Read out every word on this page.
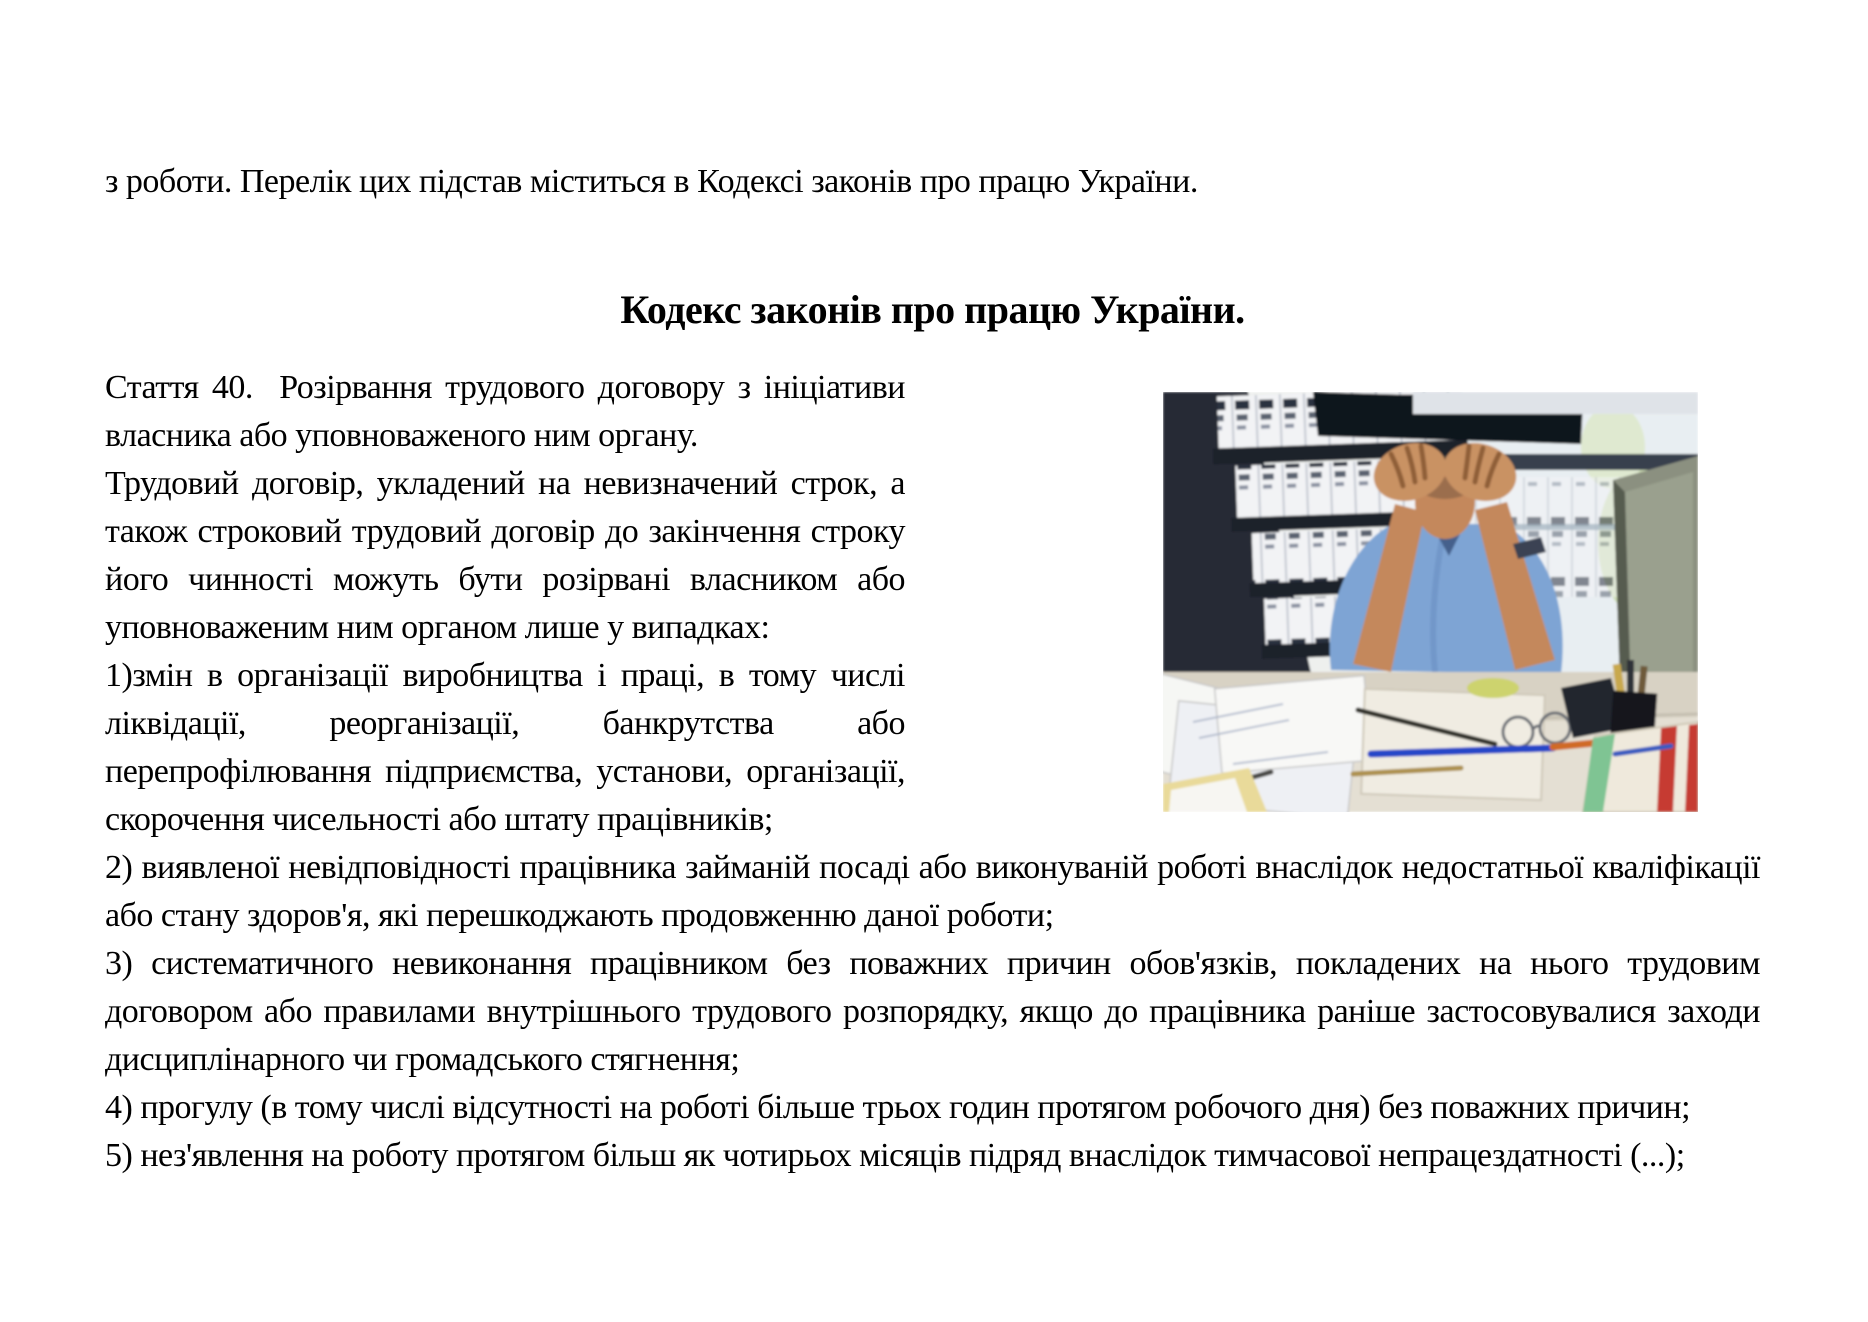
з роботи. Перелік цих підстав міститься в Кодексі законів про працю України.
Кодекс законів про працю України.

Стаття 40.  Розірвання трудового договору з ініціативи власника або уповноваженого ним органу.

Трудовий договір, укладений на невизначений строк, а також строковий трудовий договір до закінчення строку його чинності можуть бути розірвані власником або уповноваженим ним органом лише у випадках:

1)змін в організації виробництва і праці, в тому числі ліквідації, реорганізації, банкрутства або перепрофілювання підприємства, установи, організації, скорочення чисельності або штату працівників;

2) виявленої невідповідності працівника займаній посаді або виконуваній роботі внаслідок недостатньої кваліфікації або стану здоров'я, які перешкоджають продовженню даної роботи;

3) систематичного невиконання працівником без поважних причин обов'язків, покладених на нього трудовим договором або правилами внутрішнього трудового розпорядку, якщо до працівника раніше застосовувалися заходи дисциплінарного чи громадського стягнення;

4) прогулу (в тому числі відсутності на роботі більше трьох годин протягом робочого дня) без поважних причин;

5) нез'явлення на роботу протягом більш як чотирьох місяців підряд внаслідок тимчасової непрацездатності (...);
